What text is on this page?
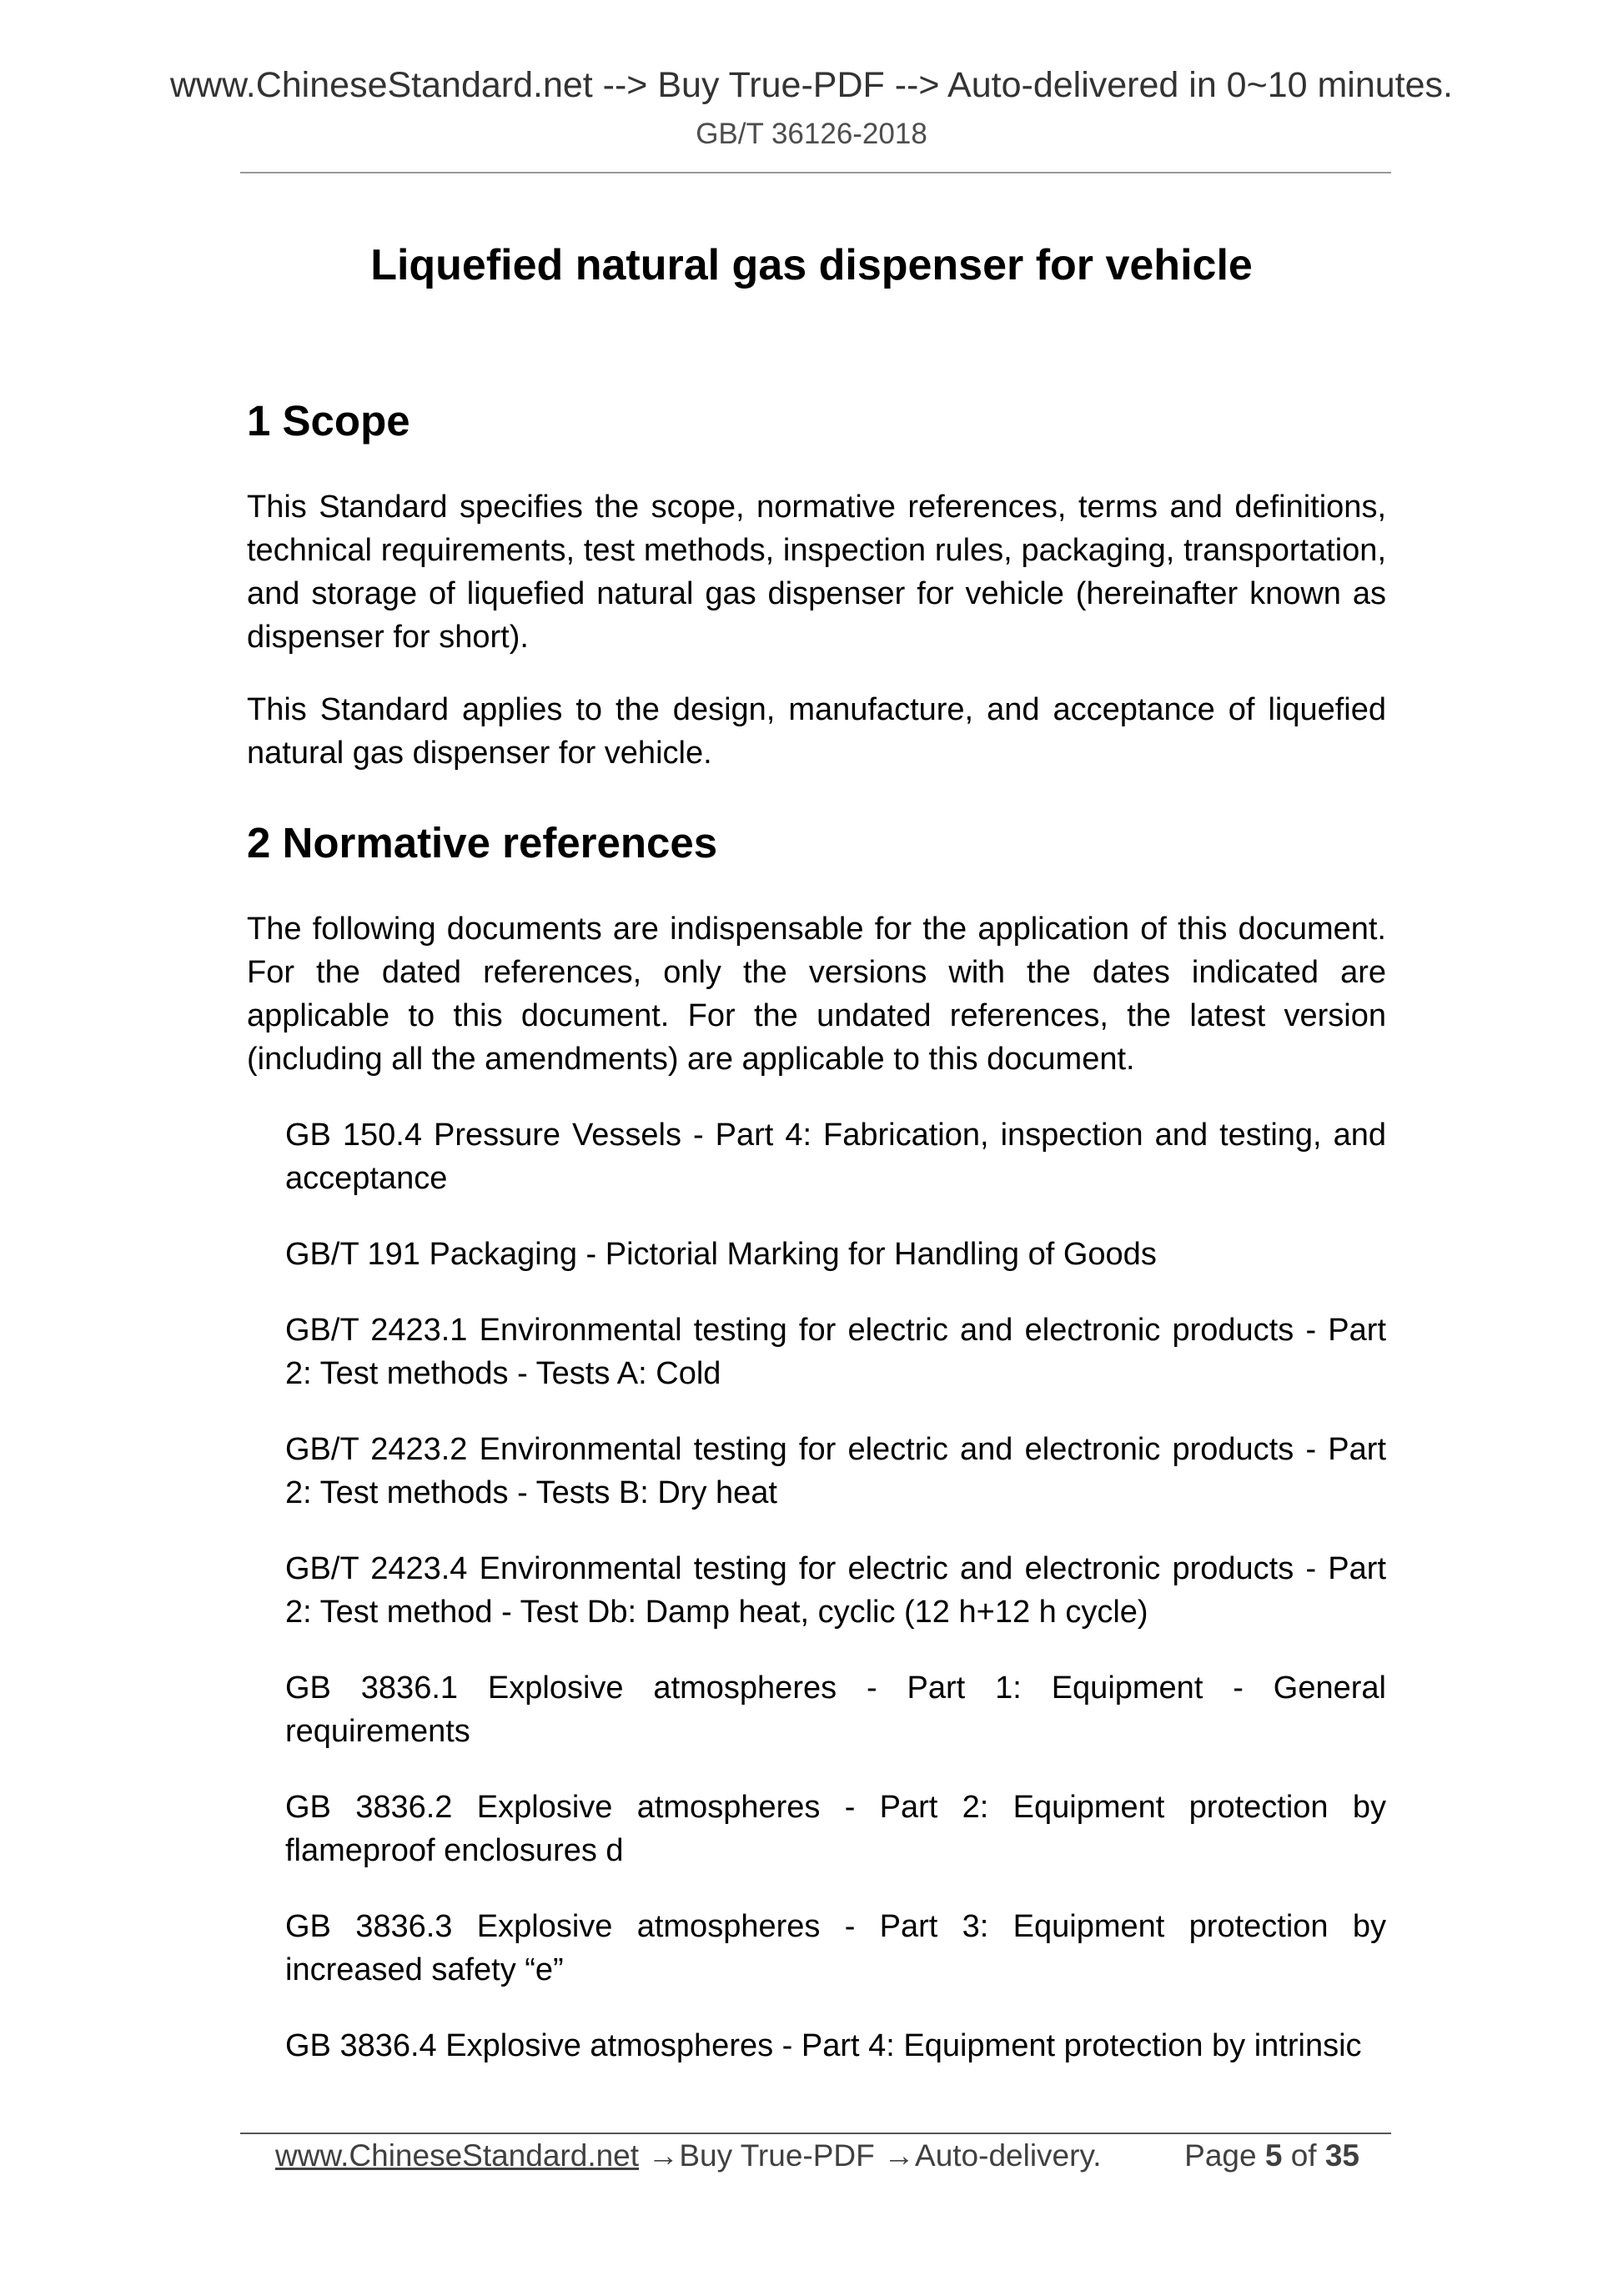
www.ChineseStandard.net --> Buy True-PDF --> Auto-delivered in 0~10 minutes.
GB/T 36126-2018
Liquefied natural gas dispenser for vehicle
1 Scope

This Standard specifies the scope, normative references, terms and definitions, technical requirements, test methods, inspection rules, packaging, transportation, and storage of liquefied natural gas dispenser for vehicle (hereinafter known as dispenser for short).

This Standard applies to the design, manufacture, and acceptance of liquefied natural gas dispenser for vehicle.

2 Normative references

The following documents are indispensable for the application of this document. For the dated references, only the versions with the dates indicated are applicable to this document. For the undated references, the latest version (including all the amendments) are applicable to this document.

GB 150.4 Pressure Vessels - Part 4: Fabrication, inspection and testing, and acceptance

GB/T 191 Packaging - Pictorial Marking for Handling of Goods

GB/T 2423.1 Environmental testing for electric and electronic products - Part 2: Test methods - Tests A: Cold

GB/T 2423.2 Environmental testing for electric and electronic products - Part 2: Test methods - Tests B: Dry heat

GB/T 2423.4 Environmental testing for electric and electronic products - Part 2: Test method - Test Db: Damp heat, cyclic (12 h+12 h cycle)

GB 3836.1 Explosive atmospheres - Part 1: Equipment - General requirements

GB 3836.2 Explosive atmospheres - Part 2: Equipment protection by flameproof enclosures d

GB 3836.3 Explosive atmospheres - Part 3: Equipment protection by increased safety “e”

GB 3836.4 Explosive atmospheres - Part 4: Equipment protection by intrinsic

www.ChineseStandard.net →Buy True-PDF →Auto-delivery.	Page 5 of 35
